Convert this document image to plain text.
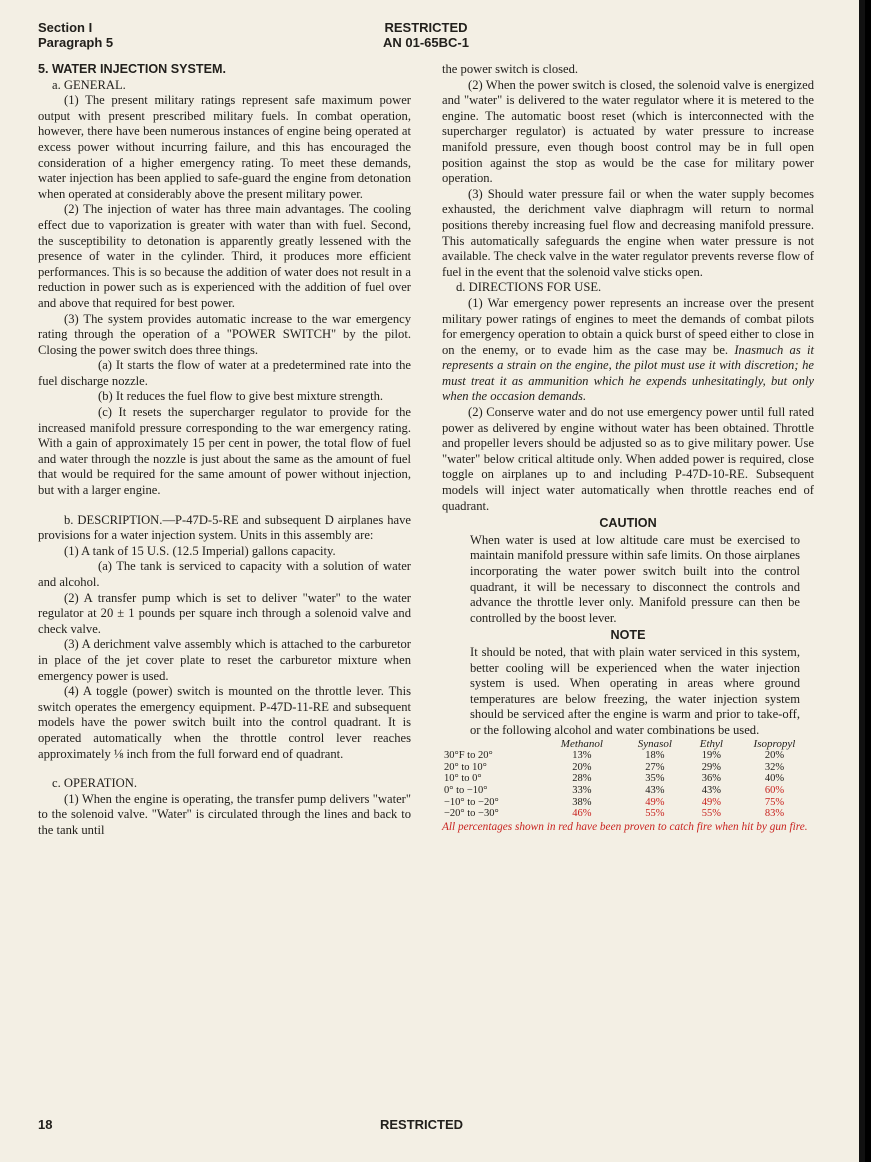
Section I
Paragraph 5
RESTRICTED
AN 01-65BC-1

5. WATER INJECTION SYSTEM.

a. GENERAL.

(1) The present military ratings represent safe maximum power output with present prescribed military fuels. In combat operation, however, there have been numerous instances of engine being operated at excess power without incurring failure, and this has encouraged the consideration of a higher emergency rating. To meet these demands, water injection has been applied to safe-guard the engine from detonation when operated at considerably above the present military power.

(2) The injection of water has three main advantages. The cooling effect due to vaporization is greater with water than with fuel. Second, the susceptibility to detonation is apparently greatly lessened with the presence of water in the cylinder. Third, it produces more efficient performances. This is so because the addition of water does not result in a reduction in power such as is experienced with the addition of fuel over and above that required for best power.

(3) The system provides automatic increase to the war emergency rating through the operation of a "POWER SWITCH" by the pilot. Closing the power switch does three things.

(a) It starts the flow of water at a predetermined rate into the fuel discharge nozzle.

(b) It reduces the fuel flow to give best mixture strength.

(c) It resets the supercharger regulator to provide for the increased manifold pressure corresponding to the war emergency rating. With a gain of approximately 15 per cent in power, the total flow of fuel and water through the nozzle is just about the same as the amount of fuel that would be required for the same amount of power without injection, but with a larger engine.

b. DESCRIPTION.—P-47D-5-RE and subsequent D airplanes have provisions for a water injection system. Units in this assembly are:

(1) A tank of 15 U.S. (12.5 Imperial) gallons capacity.

(a) The tank is serviced to capacity with a solution of water and alcohol.

(2) A transfer pump which is set to deliver "water" to the water regulator at 20 ± 1 pounds per square inch through a solenoid valve and check valve.

(3) A derichment valve assembly which is attached to the carburetor in place of the jet cover plate to reset the carburetor mixture when emergency power is used.

(4) A toggle (power) switch is mounted on the throttle lever. This switch operates the emergency equipment. P-47D-11-RE and subsequent models have the power switch built into the control quadrant. It is operated automatically when the throttle control lever reaches approximately ⅛ inch from the full forward end of quadrant.

c. OPERATION.

(1) When the engine is operating, the transfer pump delivers "water" to the solenoid valve. "Water" is circulated through the lines and back to the tank until

the power switch is closed.

(2) When the power switch is closed, the solenoid valve is energized and "water" is delivered to the water regulator where it is metered to the engine. The automatic boost reset (which is interconnected with the supercharger regulator) is actuated by water pressure to increase manifold pressure, even though boost control may be in full open position against the stop as would be the case for military power operation.

(3) Should water pressure fail or when the water supply becomes exhausted, the derichment valve diaphragm will return to normal positions thereby increasing fuel flow and decreasing manifold pressure. This automatically safeguards the engine when water pressure is not available. The check valve in the water regulator prevents reverse flow of fuel in the event that the solenoid valve sticks open.

d. DIRECTIONS FOR USE.

(1) War emergency power represents an increase over the present military power ratings of engines to meet the demands of combat pilots for emergency operation to obtain a quick burst of speed either to close in on the enemy, or to evade him as the case may be. Inasmuch as it represents a strain on the engine, the pilot must use it with discretion; he must treat it as ammunition which he expends unhesitatingly, but only when the occasion demands.

(2) Conserve water and do not use emergency power until full rated power as delivered by engine without water has been obtained. Throttle and propeller levers should be adjusted so as to give military power. Use "water" below critical altitude only. When added power is required, close toggle on airplanes up to and including P-47D-10-RE. Subsequent models will inject water automatically when throttle reaches end of quadrant.

CAUTION

When water is used at low altitude care must be exercised to maintain manifold pressure within safe limits. On those airplanes incorporating the water power switch built into the control quadrant, it will be necessary to disconnect the controls and advance the throttle lever only. Manifold pressure can then be controlled by the boost lever.

NOTE

It should be noted, that with plain water serviced in this system, better cooling will be experienced when the water injection system is used. When operating in areas where ground temperatures are below freezing, the water injection system should be serviced after the engine is warm and prior to take-off, or the following alcohol and water combinations be used.

	Methanol	Synasol	Ethyl	Isopropyl
30°F to 20°	13%	18%	19%	20%
20° to 10°	20%	27%	29%	32%
10° to 0°	28%	35%	36%	40%
0° to −10°	33%	43%	43%	60%
−10° to −20°	38%	49%	49%	75%
−20° to −30°	46%	55%	55%	83%
All percentages shown in red have been proven to catch fire when hit by gun fire.
18	RESTRICTED
